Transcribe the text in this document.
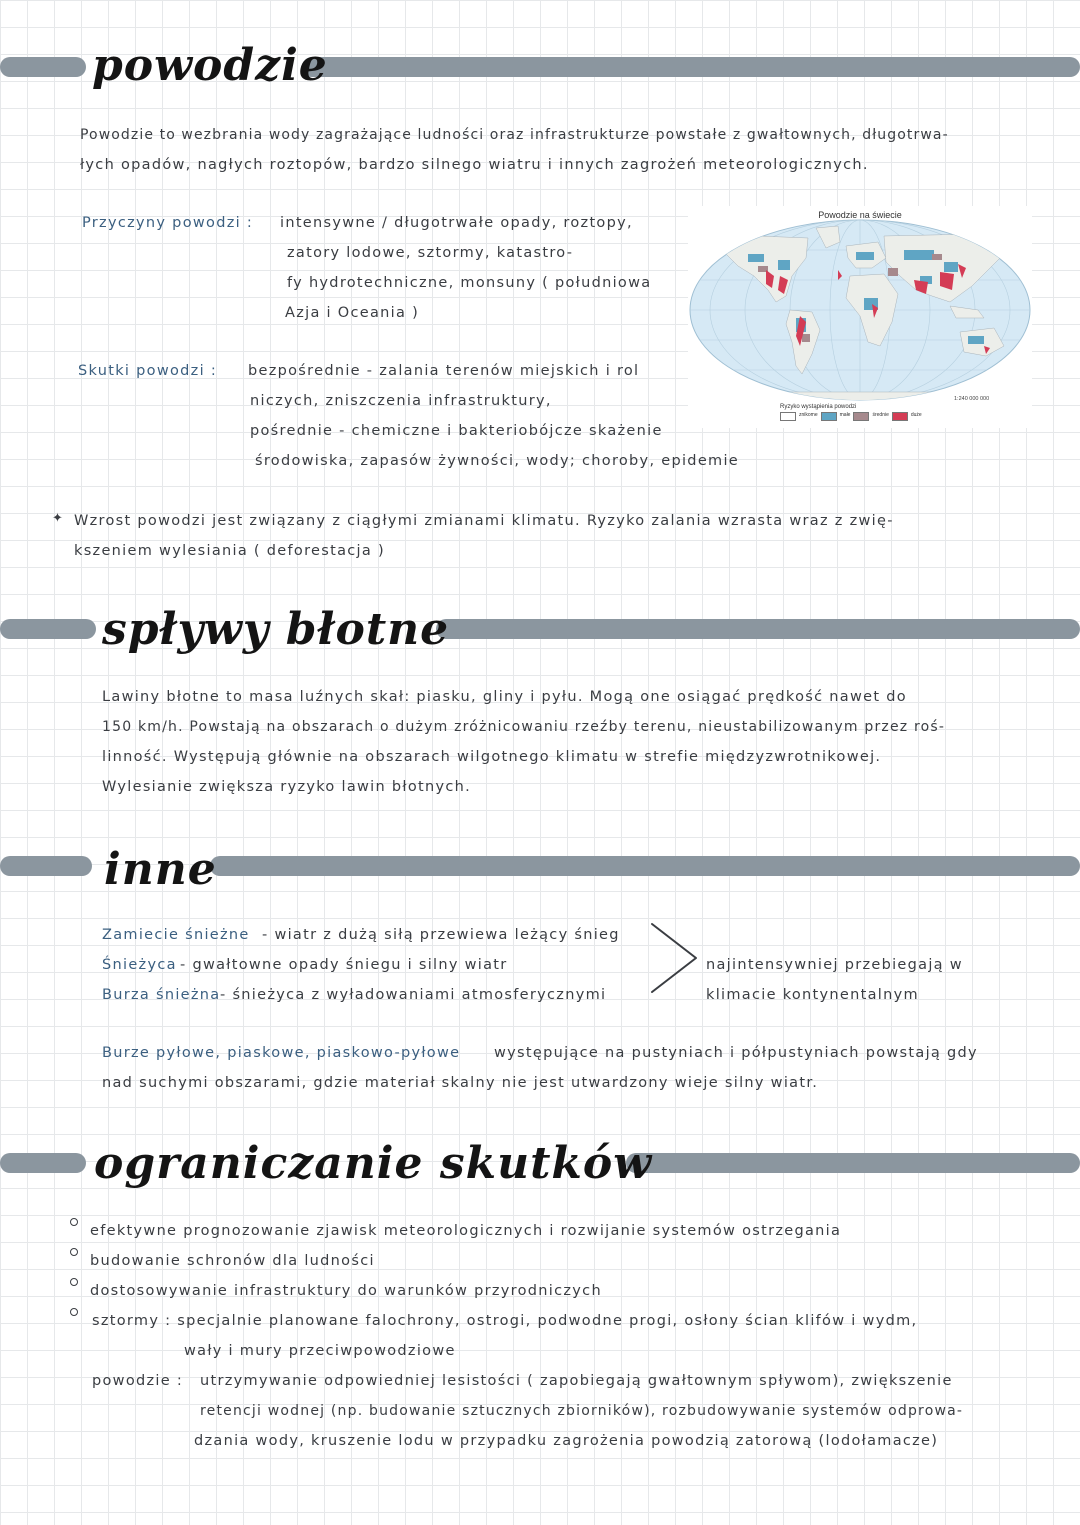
powodzie
Powodzie to wezbrania wody zagrażające ludności oraz infrastrukturze powstałe z gwałtownych, długotrwa-
łych opadów, nagłych roztopów, bardzo silnego wiatru i innych zagrożeń meteorologicznych.
Przyczyny powodzi : intensywne / długotrwałe opady, roztopy,
zatory lodowe, sztormy, katastro-
fy hydrotechniczne, monsuny ( południowa
Azja i Oceania )
Skutki powodzi : bezpośrednie - zalania terenów miejskich i rol
niczych, zniszczenia infrastruktury,
pośrednie - chemiczne i bakteriobójcze skażenie
środowiska, zapasów żywności, wody; choroby, epidemie
Powodzie na świecie
Ryzyko wystąpienia powodzi
znikome	małe	średnie	duże
1:240 000 000
✦ Wzrost powodzi jest związany z ciągłymi zmianami klimatu. Ryzyko zalania wzrasta wraz z zwię-
kszeniem wylesiania ( deforestacja )
spływy błotne
Lawiny błotne to masa luźnych skał: piasku, gliny i pyłu. Mogą one osiągać prędkość nawet do
150 km/h. Powstają na obszarach o dużym zróżnicowaniu rzeźby terenu, nieustabilizowanym przez roś-
linność. Występują głównie na obszarach wilgotnego klimatu w strefie międzyzwrotnikowej.
Wylesianie zwiększa ryzyko lawin błotnych.
inne
Zamiecie śnieżne - wiatr z dużą siłą przewiewa leżący śnieg
Śnieżyca - gwałtowne opady śniegu i silny wiatr
Burza śnieżna - śnieżyca z wyładowaniami atmosferycznymi
najintensywniej przebiegają w
klimacie kontynentalnym
Burze pyłowe, piaskowe, piaskowo-pyłowe występujące na pustyniach i półpustyniach powstają gdy
nad suchymi obszarami, gdzie materiał skalny nie jest utwardzony wieje silny wiatr.
ograniczanie skutków
efektywne prognozowanie zjawisk meteorologicznych i rozwijanie systemów ostrzegania
budowanie schronów dla ludności
dostosowywanie infrastruktury do warunków przyrodniczych
sztormy : specjalnie planowane falochrony, ostrogi, podwodne progi, osłony ścian klifów i wydm,
wały i mury przeciwpowodziowe
powodzie : utrzymywanie odpowiedniej lesistości ( zapobiegają gwałtownym spływom), zwiększenie
retencji wodnej (np. budowanie sztucznych zbiorników), rozbudowywanie systemów odprowa-
dzania wody, kruszenie lodu w przypadku zagrożenia powodzią zatorową (lodołamacze)
